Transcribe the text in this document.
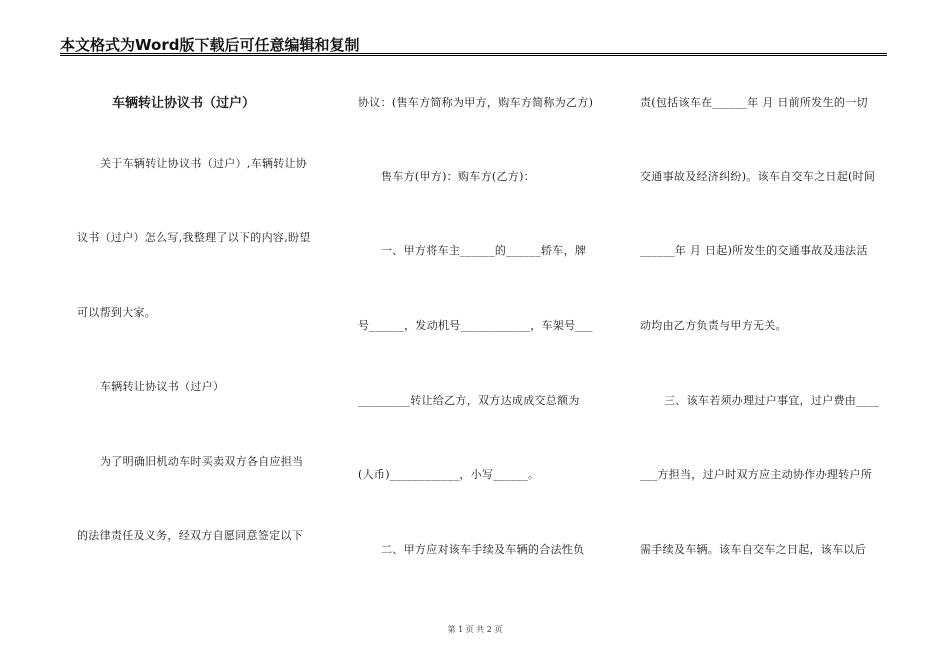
本文格式为Word版下载后可任意编辑和复制
车辆转让协议书（过户）
关于车辆转让协议书（过户）,车辆转让协
议书（过户）怎么写,我整理了以下的内容,盼望
可以帮到大家。
车辆转让协议书（过户）
为了明确旧机动车时买卖双方各自应担当
的法律责任及义务，经双方自愿同意签定以下
协议：(售车方简称为甲方，购车方简称为乙方)
售车方(甲方)：购车方(乙方)：
一、甲方将车主______的______轿车，牌
号______，发动机号____________，车架号___
_________转让给乙方，双方达成成交总额为
(人币)____________，小写______。
二、甲方应对该车手续及车辆的合法性负
责(包括该车在______年 月 日前所发生的一切
交通事故及经济纠纷)。该车自交车之日起(时间
______年 月 日起)所发生的交通事故及违法活
动均由乙方负责与甲方无关。
三、该车若须办理过户事宜，过户费由____
___方担当，过户时双方应主动协作办理转户所
需手续及车辆。该车自交车之日起，该车以后
第 1 页 共 2 页
